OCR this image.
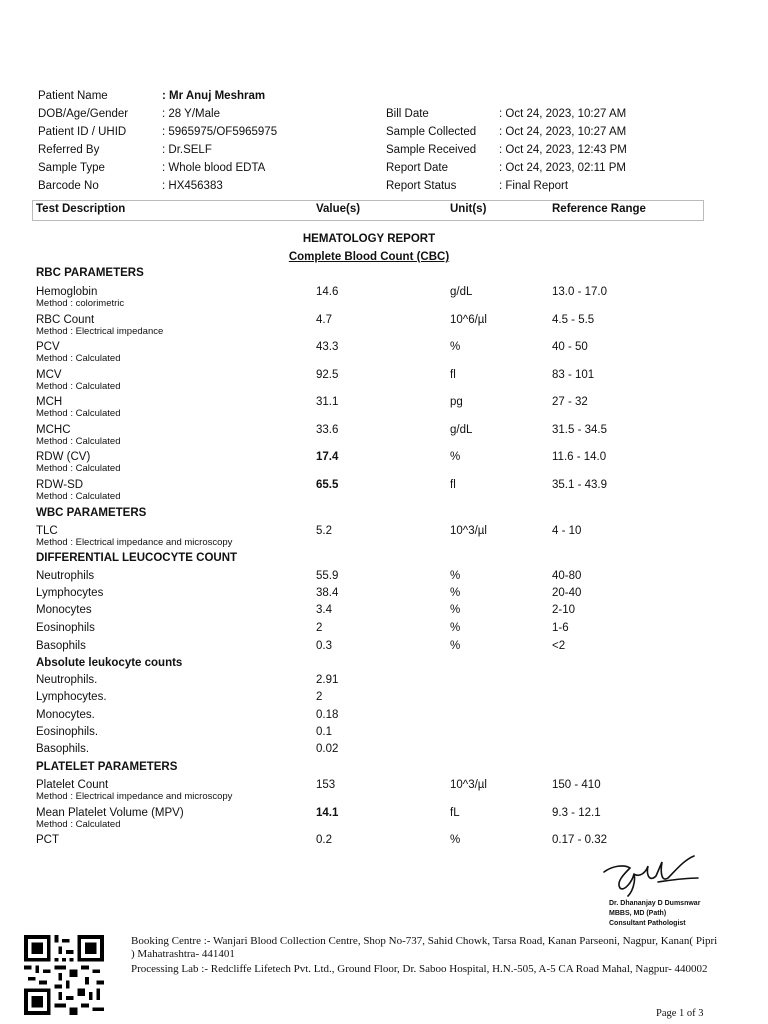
Patient Name	: Mr Anuj Meshram
DOB/Age/Gender	: 28 Y/Male
Patient ID / UHID	: 5965975/OF5965975
Referred By	: Dr.SELF
Sample Type	: Whole blood EDTA
Barcode No	: HX456383
Bill Date	: Oct 24, 2023, 10:27 AM
Sample Collected : Oct 24, 2023, 10:27 AM
Sample Received : Oct 24, 2023, 12:43 PM
Report Date	: Oct 24, 2023, 02:11 PM
Report Status	: Final Report
Test Description	Value(s)	Unit(s)	Reference Range
HEMATOLOGY REPORT
Complete Blood Count (CBC)
RBC PARAMETERS
Hemoglobin
Method : colorimetric
14.6	g/dL	13.0 - 17.0
RBC Count
Method : Electrical impedance
4.7	10^6/µl	4.5 - 5.5
PCV
Method : Calculated
43.3	%	40 - 50
MCV
Method : Calculated
92.5	fl	83 - 101
MCH
Method : Calculated
31.1	pg	27 - 32
MCHC
Method : Calculated
33.6	g/dL	31.5 - 34.5
RDW (CV)
Method : Calculated
17.4	%	11.6 - 14.0
RDW-SD
Method : Calculated
65.5	fl	35.1 - 43.9
WBC PARAMETERS
TLC
Method : Electrical impedance and microscopy
5.2	10^3/µl	4 - 10
DIFFERENTIAL LEUCOCYTE COUNT
Neutrophils	55.9	%	40-80
Lymphocytes	38.4	%	20-40
Monocytes	3.4	%	2-10
Eosinophils	2	%	1-6
Basophils	0.3	%	<2
Absolute leukocyte counts
Neutrophils.	2.91
Lymphocytes.	2
Monocytes.	0.18
Eosinophils.	0.1
Basophils.	0.02
PLATELET PARAMETERS
Platelet Count
Method : Electrical impedance and microscopy
153	10^3/µl	150 - 410
Mean Platelet Volume (MPV)
Method : Calculated
14.1	fL	9.3 - 12.1
PCT	0.2	%	0.17 - 0.32
Dr. Dhananjay D Dumsnwar
MBBS, MD (Path)
Consultant Pathologist
Booking Centre :- Wanjari Blood Collection Centre, Shop No-737, Sahid Chowk, Tarsa Road, Kanan Parseoni, Nagpur, Kanan( Pipri
) Mahatrashtra- 441401
Processing Lab :- Redcliffe Lifetech Pvt. Ltd., Ground Floor, Dr. Saboo Hospital, H.N.-505, A-5 CA Road Mahal, Nagpur- 440002
Page 1 of 3
